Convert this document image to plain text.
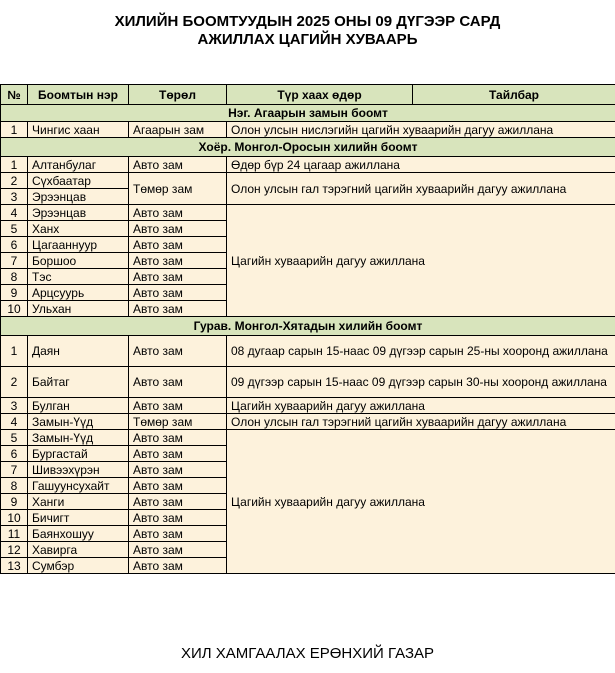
ХИЛИЙН БООМТУУДЫН 2025 ОНЫ 09 ДҮГЭЭР САРД
АЖИЛЛАХ ЦАГИЙН ХУВААРЬ
№	Боомтын нэр	Төрөл	Түр хаах өдөр	Тайлбар
Нэг. Агаарын замын боомт				
1	Чингис хаан	Агаарын зам	Олон улсын нислэгийн цагийн хуваарийн дагуу ажиллана	
Хоёр. Монгол-Оросын хилийн боомт				
1	Алтанбулаг	Авто зам	Өдөр бүр 24 цагаар ажиллана	
2	Сүхбаатар	Төмөр зам	Олон улсын гал тэрэгний цагийн хуваарийн дагуу ажиллана	
3	Эрээнцав			
4	Эрээнцав	Авто зам	Цагийн хуваарийн дагуу ажиллана	
5	Ханх	Авто зам		
6	Цагааннуур	Авто зам		
7	Боршоо	Авто зам		
8	Тэс	Авто зам		
9	Арцсуурь	Авто зам		
10	Ульхан	Авто зам		
Гурав. Монгол-Хятадын хилийн боомт				
1	Даян	Авто зам	08 дугаар сарын 15-наас 09 дүгээр сарын 25-ны хооронд ажиллана	
2	Байтаг	Авто зам	09 дүгээр сарын 15-наас 09 дүгээр сарын 30-ны хооронд ажиллана	
3	Булган	Авто зам	Цагийн хуваарийн дагуу ажиллана	
4	Замын-Үүд	Төмөр зам	Олон улсын гал тэрэгний цагийн хуваарийн дагуу ажиллана	
5	Замын-Үүд	Авто зам	Цагийн хуваарийн дагуу ажиллана	
6	Бургастай	Авто зам		
7	Шивээхүрэн	Авто зам		
8	Гашуунсухайт	Авто зам		
9	Ханги	Авто зам		
10	Бичигт	Авто зам		
11	Баянхошуу	Авто зам		
12	Хавирга	Авто зам		
13	Сумбэр	Авто зам		
ХИЛ ХАМГААЛАХ ЕРӨНХИЙ ГАЗАР
